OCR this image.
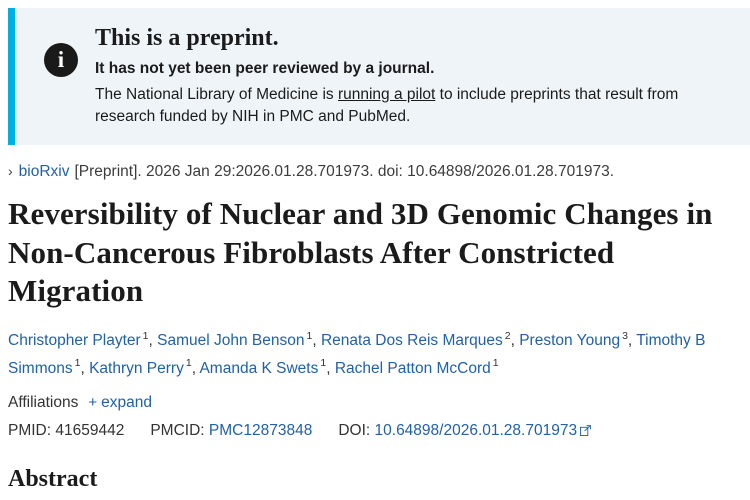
i
This is a preprint.
It has not yet been peer reviewed by a journal.
The National Library of Medicine is running a pilot to include preprints that result from research funded by NIH in PMC and PubMed.
› bioRxiv [Preprint]. 2026 Jan 29:2026.01.28.701973. doi: 10.64898/2026.01.28.701973.
Reversibility of Nuclear and 3D Genomic Changes in Non-Cancerous Fibroblasts After Constricted Migration
Christopher Playter $^1$, Samuel John Benson $^1$, Renata Dos Reis Marques $^2$, Preston Young $^3$, Timothy B Simmons $^1$, Kathryn Perry $^1$, Amanda K Swets $^1$, Rachel Patton McCord $^1$
Affiliations + expand
PMID: 41659442 PMCID: PMC12873848 DOI: 10.64898/2026.01.28.701973
Abstract
